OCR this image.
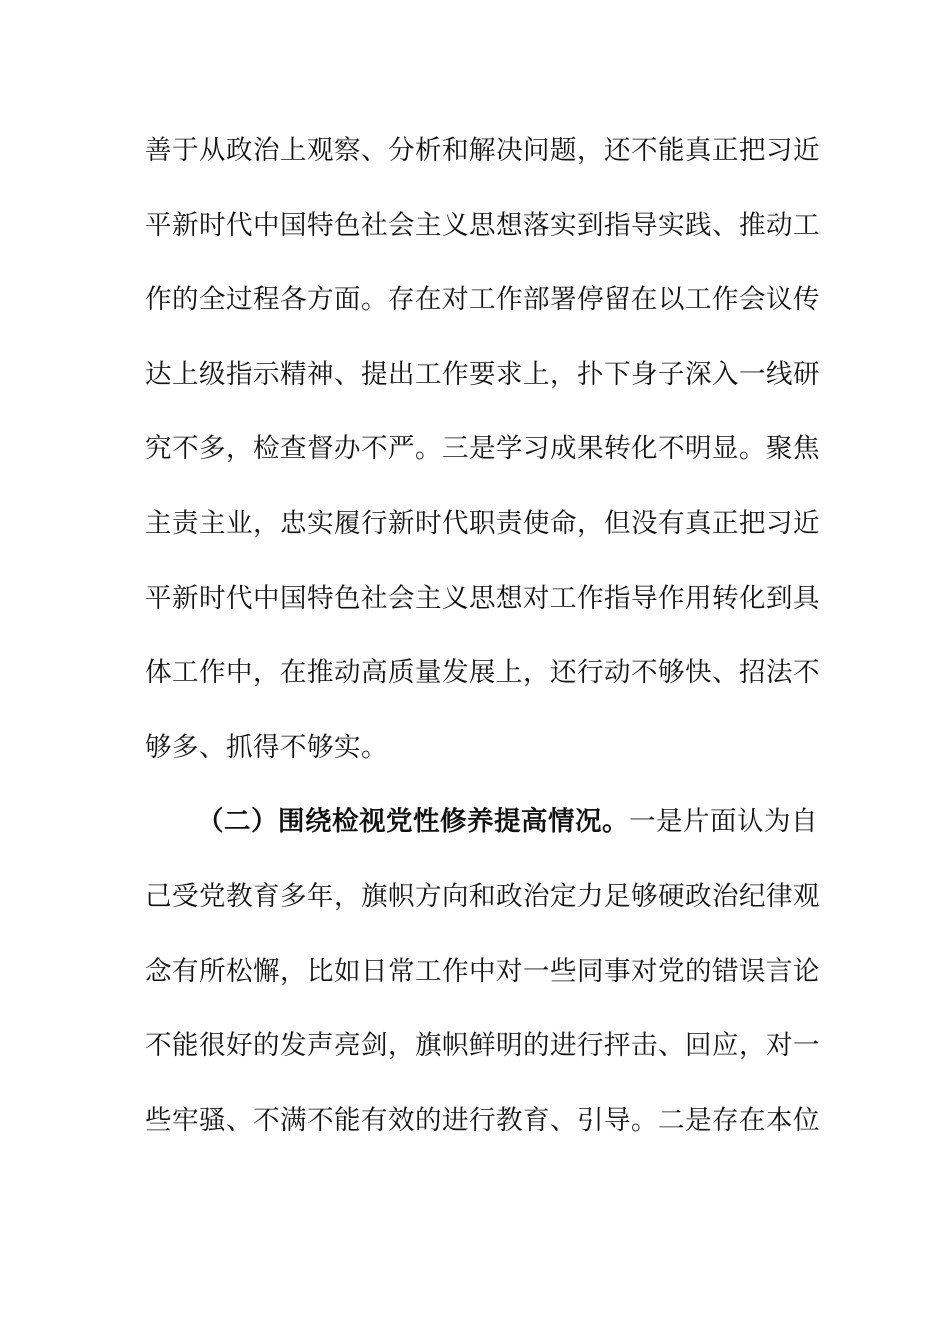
善于从政治上观察、分析和解决问题，还不能真正把习近
平新时代中国特色社会主义思想落实到指导实践、推动工
作的全过程各方面。存在对工作部署停留在以工作会议传
达上级指示精神、提出工作要求上，扑下身子深入一线研
究不多，检查督办不严。三是学习成果转化不明显。聚焦
主责主业，忠实履行新时代职责使命，但没有真正把习近
平新时代中国特色社会主义思想对工作指导作用转化到具
体工作中，在推动高质量发展上，还行动不够快、招法不
够多、抓得不够实。
（二）围绕检视党性修养提高情况。一是片面认为自
己受党教育多年，旗帜方向和政治定力足够硬政治纪律观
念有所松懈，比如日常工作中对一些同事对党的错误言论
不能很好的发声亮剑，旗帜鲜明的进行抨击、回应，对一
些牢骚、不满不能有效的进行教育、引导。二是存在本位
